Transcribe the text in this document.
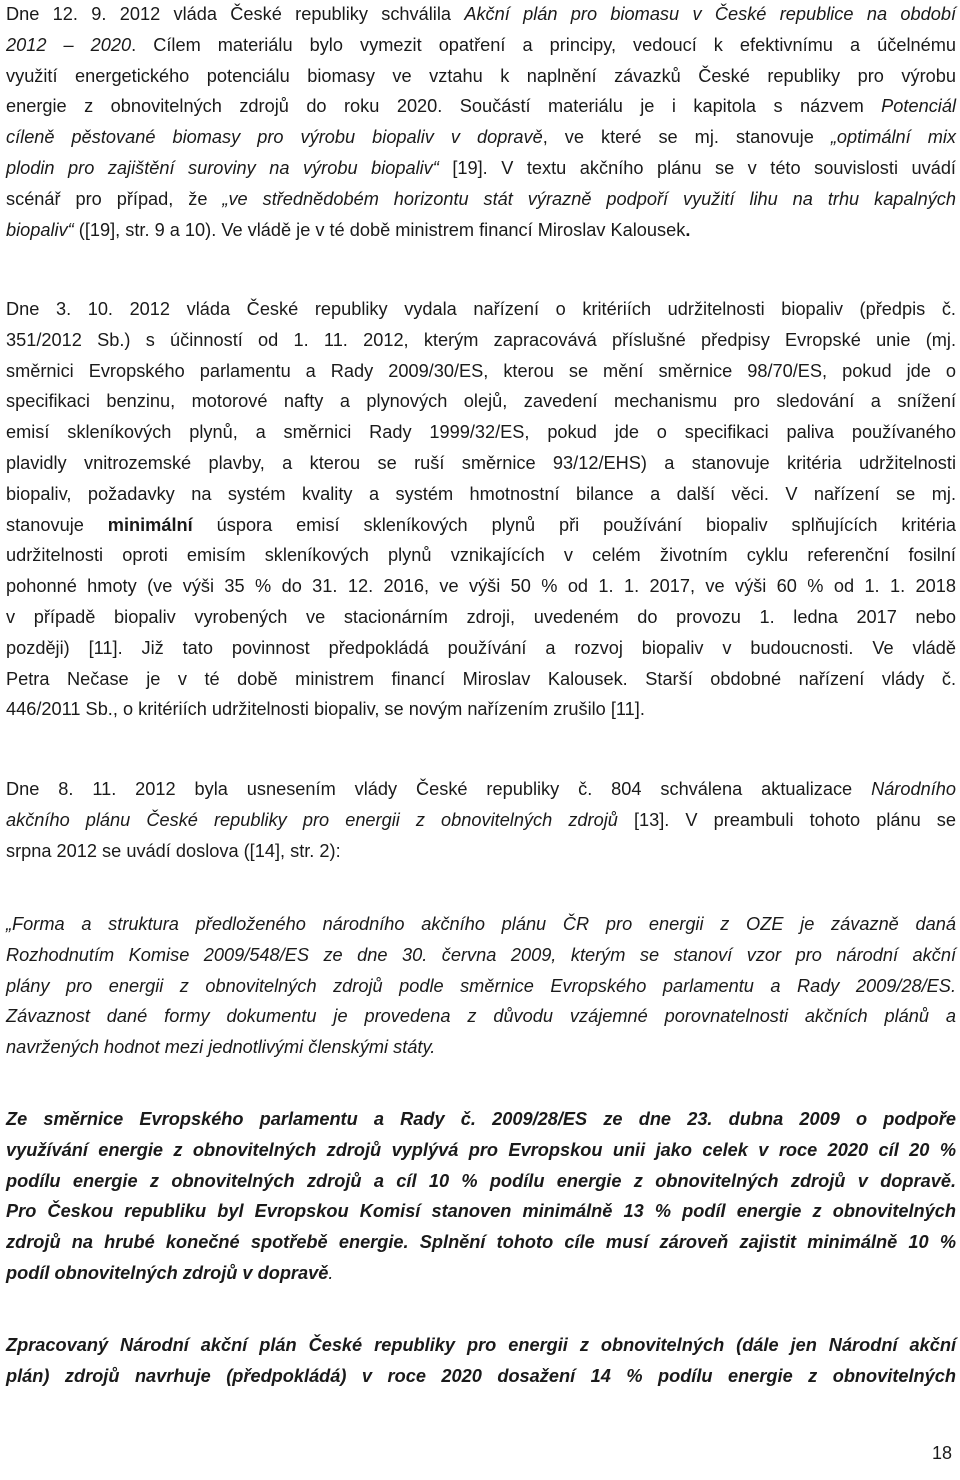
Dne 12. 9. 2012 vláda České republiky schválila Akční plán pro biomasu v České republice na období
2012 – 2020. Cílem materiálu bylo vymezit opatření a principy, vedoucí k efektivnímu a účelnému
využití energetického potenciálu biomasy ve vztahu k naplnění závazků České republiky pro výrobu
energie z obnovitelných zdrojů do roku 2020. Součástí materiálu je i kapitola s názvem Potenciál
cíleně pěstované biomasy pro výrobu biopaliv v dopravě, ve které se mj. stanovuje „optimální mix
plodin pro zajištění suroviny na výrobu biopaliv“ [19]. V textu akčního plánu se v této souvislosti uvádí
scénář pro případ, že „ve střednědobém horizontu stát výrazně podpoří využití lihu na trhu kapalných
biopaliv“ ([19], str. 9 a 10). Ve vládě je v té době ministrem financí Miroslav Kalousek.

Dne 3. 10. 2012 vláda České republiky vydala nařízení o kritériích udržitelnosti biopaliv (předpis č.
351/2012 Sb.) s účinností od 1. 11. 2012, kterým zapracovává příslušné předpisy Evropské unie (mj.
směrnici Evropského parlamentu a Rady 2009/30/ES, kterou se mění směrnice 98/70/ES, pokud jde o
specifikaci benzinu, motorové nafty a plynových olejů, zavedení mechanismu pro sledování a snížení
emisí skleníkových plynů, a směrnici Rady 1999/32/ES, pokud jde o specifikaci paliva používaného
plavidly vnitrozemské plavby, a kterou se ruší směrnice 93/12/EHS) a stanovuje kritéria udržitelnosti
biopaliv, požadavky na systém kvality a systém hmotnostní bilance a další věci. V nařízení se mj.
stanovuje minimální úspora emisí skleníkových plynů při používání biopaliv splňujících kritéria
udržitelnosti oproti emisím skleníkových plynů vznikajících v celém životním cyklu referenční fosilní
pohonné hmoty (ve výši 35 % do 31. 12. 2016, ve výši 50 % od 1. 1. 2017, ve výši 60 % od 1. 1. 2018
v případě biopaliv vyrobených ve stacionárním zdroji, uvedeném do provozu 1. ledna 2017 nebo
později) [11]. Již tato povinnost předpokládá používání a rozvoj biopaliv v budoucnosti. Ve vládě
Petra Nečase je v té době ministrem financí Miroslav Kalousek. Starší obdobné nařízení vlády č.
446/2011 Sb., o kritériích udržitelnosti biopaliv, se novým nařízením zrušilo [11].

Dne 8. 11. 2012 byla usnesením vlády České republiky č. 804 schválena aktualizace Národního
akčního plánu České republiky pro energii z obnovitelných zdrojů [13]. V preambuli tohoto plánu se
srpna 2012 se uvádí doslova ([14], str. 2):

„Forma a struktura předloženého národního akčního plánu ČR pro energii z OZE je závazně daná
Rozhodnutím Komise 2009/548/ES ze dne 30. června 2009, kterým se stanoví vzor pro národní akční
plány pro energii z obnovitelných zdrojů podle směrnice Evropského parlamentu a Rady 2009/28/ES.
Závaznost dané formy dokumentu je provedena z důvodu vzájemné porovnatelnosti akčních plánů a
navržených hodnot mezi jednotlivými členskými státy.

Ze směrnice Evropského parlamentu a Rady č. 2009/28/ES ze dne 23. dubna 2009 o podpoře
využívání energie z obnovitelných zdrojů vyplývá pro Evropskou unii jako celek v roce 2020 cíl 20 %
podílu energie z obnovitelných zdrojů a cíl 10 % podílu energie z obnovitelných zdrojů v dopravě.
Pro Českou republiku byl Evropskou Komisí stanoven minimálně 13 % podíl energie z obnovitelných
zdrojů na hrubé konečné spotřebě energie. Splnění tohoto cíle musí zároveň zajistit minimálně 10 %
podíl obnovitelných zdrojů v dopravě.

Zpracovaný Národní akční plán České republiky pro energii z obnovitelných (dále jen Národní akční
plán) zdrojů navrhuje (předpokládá) v roce 2020 dosažení 14 % podílu energie z obnovitelných

18
